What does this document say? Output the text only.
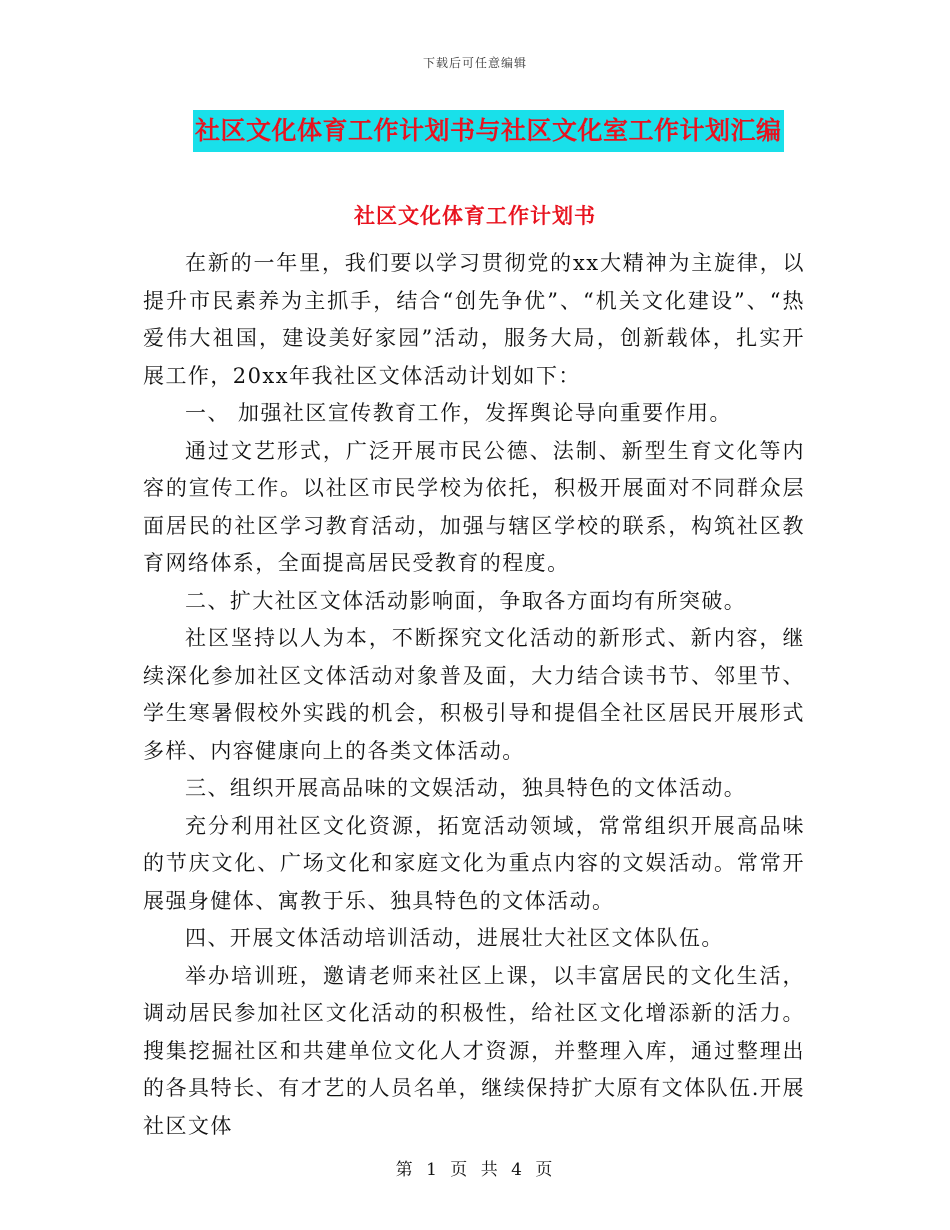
下载后可任意编辑
社区文化体育工作计划书与社区文化室工作计划汇编
社区文化体育工作计划书

在新的一年里，我们要以学习贯彻党的xx大精神为主旋律，以提升市民素养为主抓手，结合“创先争优”、“机关文化建设”、“热爱伟大祖国，建设美好家园”活动，服务大局，创新载体，扎实开展工作，20xx年我社区文体活动计划如下：

一、 加强社区宣传教育工作，发挥舆论导向重要作用。

通过文艺形式，广泛开展市民公德、法制、新型生育文化等内容的宣传工作。以社区市民学校为依托，积极开展面对不同群众层面居民的社区学习教育活动，加强与辖区学校的联系，构筑社区教育网络体系，全面提高居民受教育的程度。

二、扩大社区文体活动影响面，争取各方面均有所突破。

社区坚持以人为本，不断探究文化活动的新形式、新内容，继续深化参加社区文体活动对象普及面，大力结合读书节、邻里节、学生寒暑假校外实践的机会，积极引导和提倡全社区居民开展形式多样、内容健康向上的各类文体活动。

三、组织开展高品味的文娱活动，独具特色的文体活动。

充分利用社区文化资源，拓宽活动领域，常常组织开展高品味的节庆文化、广场文化和家庭文化为重点内容的文娱活动。常常开展强身健体、寓教于乐、独具特色的文体活动。

四、开展文体活动培训活动，进展壮大社区文体队伍。

举办培训班，邀请老师来社区上课，以丰富居民的文化生活，调动居民参加社区文化活动的积极性，给社区文化增添新的活力。搜集挖掘社区和共建单位文化人才资源，并整理入库，通过整理出的各具特长、有才艺的人员名单，继续保持扩大原有文体队伍.开展社区文体

第 1 页 共 4 页
